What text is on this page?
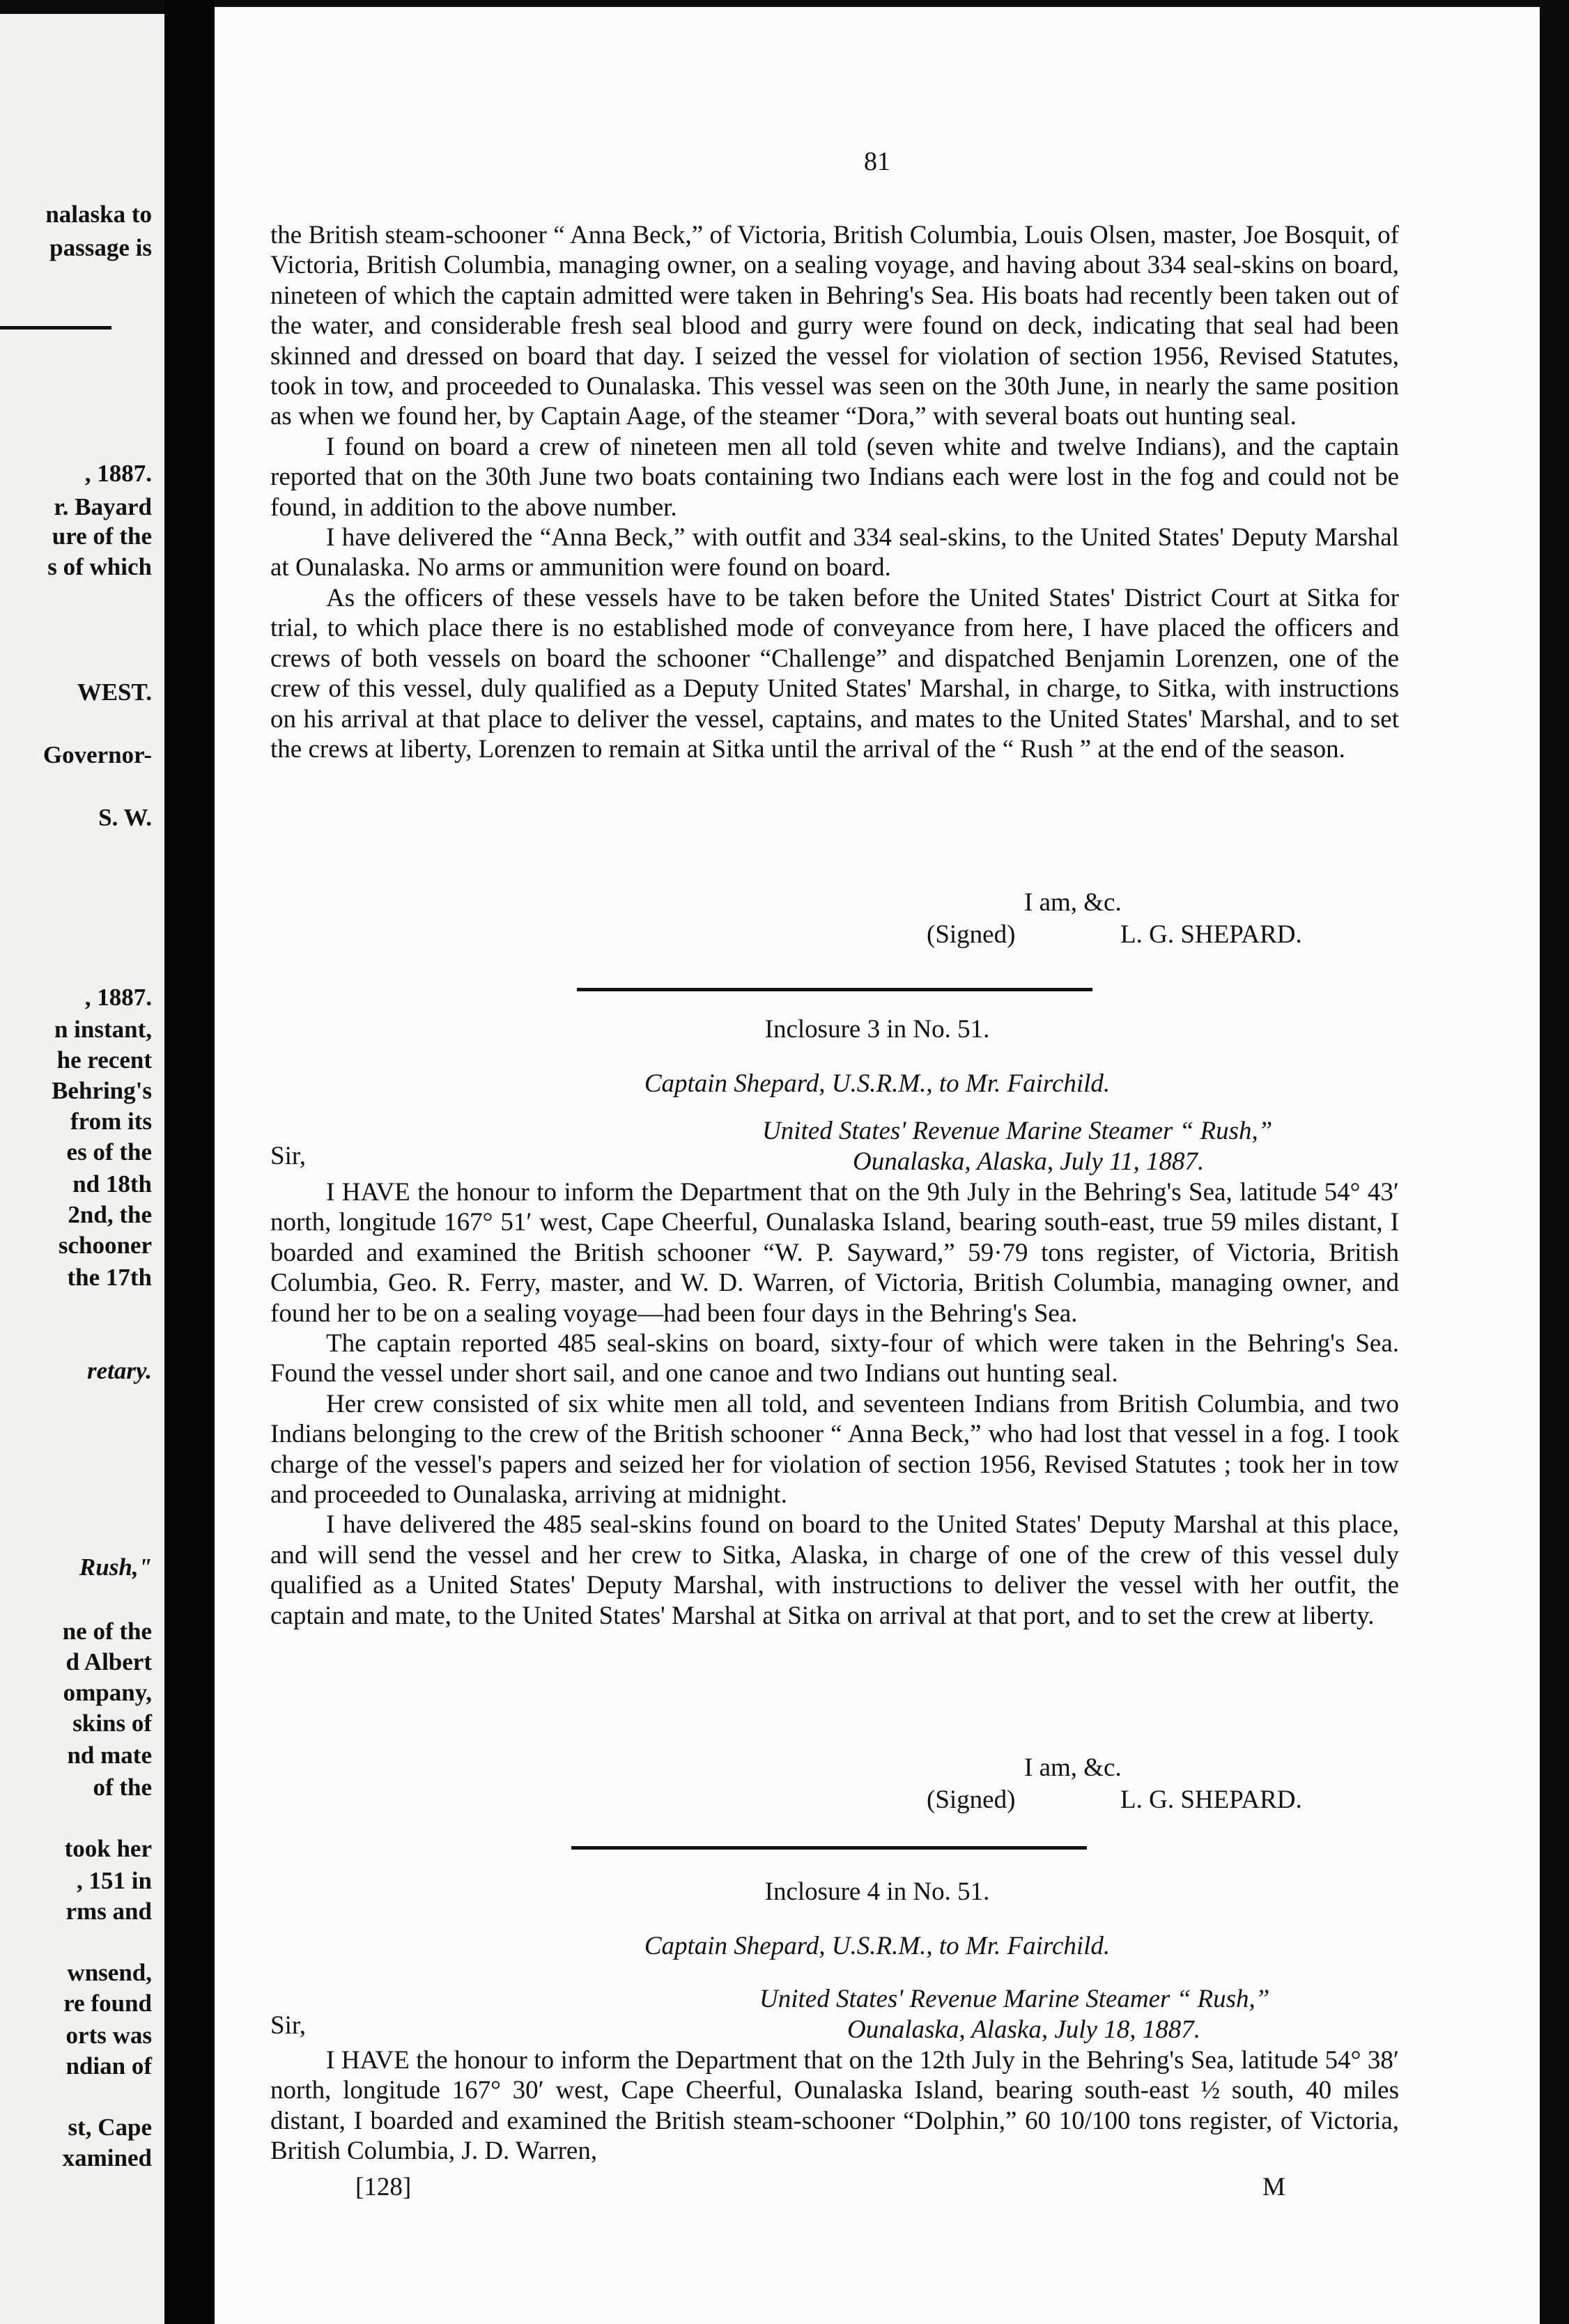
nalaska to
passage is
, 1887.
r. Bayard
ure of the
s of which
WEST.
Governor-
S. W.
, 1887.
n instant,
he recent
Behring's
from its
es of the
nd 18th
2nd, the
schooner
the 17th
retary.
Rush,"
ne of the
d Albert
ompany,
skins of
nd mate
of the
took her
, 151 in
rms and
wnsend,
re found
orts was
ndian of
st, Cape
xamined
81

the British steam-schooner “ Anna Beck,” of Victoria, British Columbia, Louis Olsen, master, Joe Bosquit, of Victoria, British Columbia, managing owner, on a sealing voyage, and having about 334 seal-skins on board, nineteen of which the captain admitted were taken in Behring's Sea. His boats had recently been taken out of the water, and considerable fresh seal blood and gurry were found on deck, indicating that seal had been skinned and dressed on board that day. I seized the vessel for violation of section 1956, Revised Statutes, took in tow, and proceeded to Ounalaska. This vessel was seen on the 30th June, in nearly the same position as when we found her, by Captain Aage, of the steamer “Dora,” with several boats out hunting seal.

I found on board a crew of nineteen men all told (seven white and twelve Indians), and the captain reported that on the 30th June two boats containing two Indians each were lost in the fog and could not be found, in addition to the above number.

I have delivered the “Anna Beck,” with outfit and 334 seal-skins, to the United States' Deputy Marshal at Ounalaska. No arms or ammunition were found on board.

As the officers of these vessels have to be taken before the United States' District Court at Sitka for trial, to which place there is no established mode of conveyance from here, I have placed the officers and crews of both vessels on board the schooner “Challenge” and dispatched Benjamin Lorenzen, one of the crew of this vessel, duly qualified as a Deputy United States' Marshal, in charge, to Sitka, with instructions on his arrival at that place to deliver the vessel, captains, and mates to the United States' Marshal, and to set the crews at liberty, Lorenzen to remain at Sitka until the arrival of the “ Rush ” at the end of the season.

I am, &c.
(Signed)	L. G. SHEPARD.
Inclosure 3 in No. 51.
Captain Shepard, U.S.R.M., to Mr. Fairchild.
United States' Revenue Marine Steamer “ Rush,”
Sir,	Ounalaska, Alaska, July 11, 1887.

I HAVE the honour to inform the Department that on the 9th July in the Behring's Sea, latitude 54° 43′ north, longitude 167° 51′ west, Cape Cheerful, Ounalaska Island, bearing south-east, true 59 miles distant, I boarded and examined the British schooner “W. P. Sayward,” 59·79 tons register, of Victoria, British Columbia, Geo. R. Ferry, master, and W. D. Warren, of Victoria, British Columbia, managing owner, and found her to be on a sealing voyage—had been four days in the Behring's Sea.

The captain reported 485 seal-skins on board, sixty-four of which were taken in the Behring's Sea. Found the vessel under short sail, and one canoe and two Indians out hunting seal.

Her crew consisted of six white men all told, and seventeen Indians from British Columbia, and two Indians belonging to the crew of the British schooner “ Anna Beck,” who had lost that vessel in a fog. I took charge of the vessel's papers and seized her for violation of section 1956, Revised Statutes ; took her in tow and proceeded to Ounalaska, arriving at midnight.

I have delivered the 485 seal-skins found on board to the United States' Deputy Marshal at this place, and will send the vessel and her crew to Sitka, Alaska, in charge of one of the crew of this vessel duly qualified as a United States' Deputy Marshal, with instructions to deliver the vessel with her outfit, the captain and mate, to the United States' Marshal at Sitka on arrival at that port, and to set the crew at liberty.

I am, &c.
(Signed)	L. G. SHEPARD.
Inclosure 4 in No. 51.
Captain Shepard, U.S.R.M., to Mr. Fairchild.
United States' Revenue Marine Steamer “ Rush,”
Sir,	Ounalaska, Alaska, July 18, 1887.

I HAVE the honour to inform the Department that on the 12th July in the Behring's Sea, latitude 54° 38′ north, longitude 167° 30′ west, Cape Cheerful, Ounalaska Island, bearing south-east ½ south, 40 miles distant, I boarded and examined the British steam-schooner “Dolphin,” 60 10/100 tons register, of Victoria, British Columbia, J. D. Warren,

[128]	M
